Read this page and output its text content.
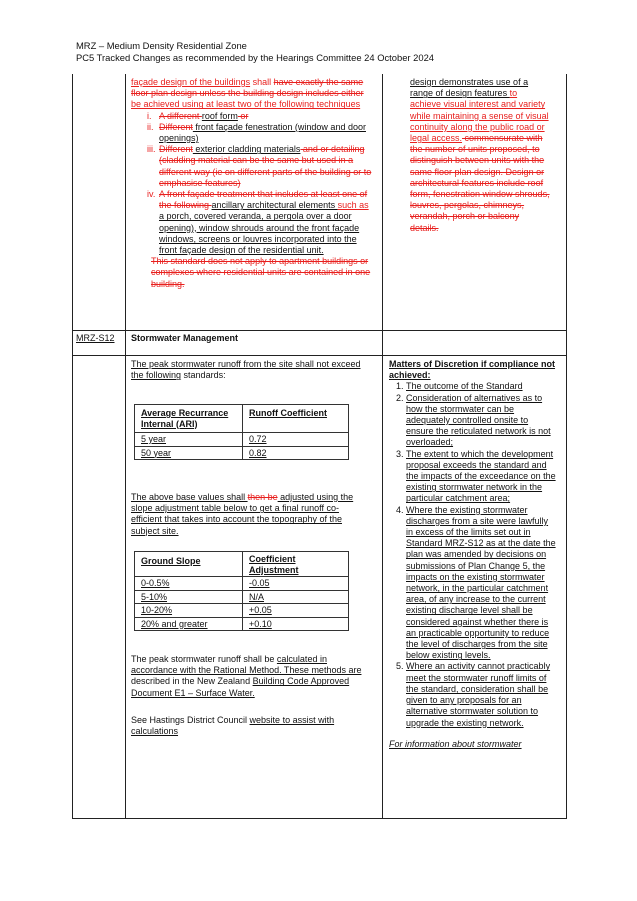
MRZ – Medium Density Residential Zone
PC5 Tracked Changes as recommended by the Hearings Committee 24 October 2024

façade design of the buildings shall have exactly the same floor plan design unless the building design includes either be achieved using at least two of the following techniques

i. A different roof form or
ii. Different front façade fenestration (window and door openings)
iii. Different exterior cladding materials and or detailing (cladding material can be the same but used in a different way (ie on different parts of the building or to emphasise features)
iv. A front façade treatment that includes at least one of the following ancillary architectural elements such as a porch, covered veranda, a pergola over a door opening), window shrouds around the front façade windows, screens or louvres incorporated into the front façade design of the residential unit.

This standard does not apply to apartment buildings or complexes where residential units are contained in one building.

design demonstrates use of a range of design features to achieve visual interest and variety while maintaining a sense of visual continuity along the public road or legal access. commensurate with the number of units proposed, to distinguish between units with the same floor plan design. Design or architectural features include roof form, fenestration window shrouds, louvres, pergolas, chimneys, verandah, porch or balcony details.

MRZ-S12 Stormwater Management

The peak stormwater runoff from the site shall not exceed the following standards:

Average Recurrance Internal (ARI)	Runoff Coefficient
5 year	0.72
50 year	0.82

The above base values shall then be adjusted using the slope adjustment table below to get a final runoff co- efficient that takes into account the topography of the subject site.

Ground Slope	Coefficient Adjustment
0-0.5%	-0.05
5-10%	N/A
10-20%	+0.05
20% and greater	+0.10

The peak stormwater runoff shall be calculated in accordance with the Rational Method. These methods are described in the New Zealand Building Code Approved Document E1 – Surface Water.

See Hastings District Council website to assist with calculations

Matters of Discretion if compliance not achieved:

1. The outcome of the Standard
2. Consideration of alternatives as to how the stormwater can be adequately controlled onsite to ensure the reticulated network is not overloaded;
3. The extent to which the development proposal exceeds the standard and the impacts of the exceedance on the existing stormwater network in the particular catchment area;
4. Where the existing stormwater discharges from a site were lawfully in excess of the limits set out in Standard MRZ-S12 as at the date the plan was amended by decisions on submissions of Plan Change 5, the impacts on the existing stormwater network, in the particular catchment area, of any increase to the current existing discharge level shall be considered against whether there is an practicable opportunity to reduce the level of discharges from the site below existing levels.
5. Where an activity cannot practicably meet the stormwater runoff limits of the standard, consideration shall be given to any proposals for an alternative stormwater solution to upgrade the existing network.

For information about stormwater
